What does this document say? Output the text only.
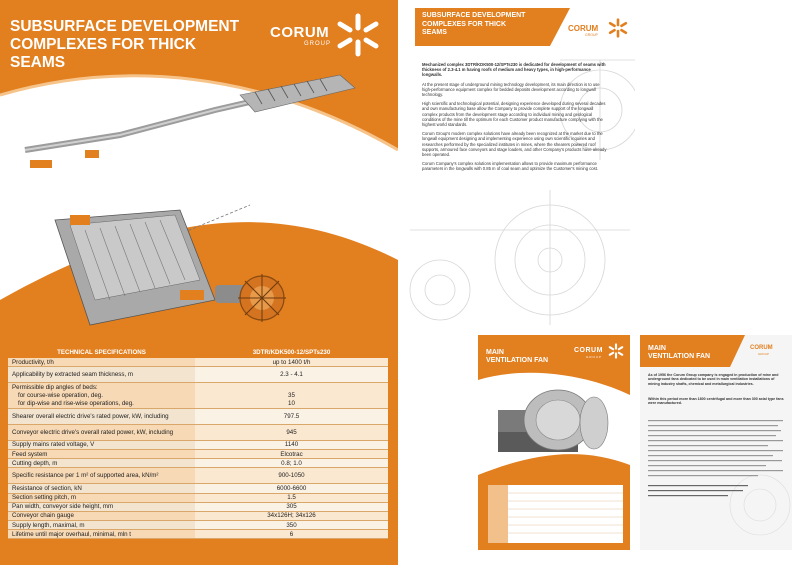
SUBSURFACE DEVELOPMENT
COMPLEXES FOR THICK
SEAMS
CORUM
GROUP
TECHNICAL SPECIFICATIONS	3DTR/KDK500-12/SPTs230
Productivity, t/h	up to 1400 t/h
Applicability by extracted seam thickness, m	2.3 - 4.1
Permissible dip angles of beds:	
for course-wise operation, deg.	35
for dip-wise and rise-wise operations, deg.	10
Shearer overall electric drive's rated power, kW, including	797.5
Conveyor electric drive's overall rated power, kW, including	945
Supply mains rated voltage, V	1140
Feed system	Elcotrac
Cutting depth, m	0.8; 1.0
Specific resistance per 1 m² of supported area, kN/m²	900-1050
Resistance of section, kN	6000-6600
Section setting pitch, m	1.5
Pan width, conveyor side height, mm	305
Conveyor chain gauge	34x126H; 34x126
Supply length, maximal, m	350
Lifetime until major overhaul, minimal, mln t	6
SUBSURFACE DEVELOPMENT
COMPLEXES FOR THICK
SEAMS	CORUM
GROUP

Mechanized complex 3DTR/KDK500-12/SPTs230 is dedicated for development of seams with thickness of 2.3-4.1 m having roofs of medium and heavy types, in high-performance longwalls.

At the present stage of underground mining technology development, its main direction is to use high-performance equipment complex for bedded deposits development according to longwall technology.

High scientific and technological potential, designing experience developed during several decades and own manufacturing base allow the Company to provide complete support of the longwall complex products from the development stage according to individual mining and geological conditions of the mine till the optimum for each Customer product manufacture complying with the highest world standards.

Corum Group's modern complex solutions have already been recognized at the market due to the longwall equipment designing and implementing experience using own scientific inquiries and researches performed by the specialized institutes in mines, where the shearers powered roof supports, armoured face conveyors and stage loaders, and other Company's products have already been operated.

Corum Company's complex solutions implementation allows to provide maximum performance parameters in the longwalls with 0.85 m of coal seam and optimize the Customer's mining cost.

MAIN
VENTILATION FAN
CORUM
GROUP
MAIN
VENTILATION FAN
CORUM
GROUP
As of 1956 the Corum Group company is engaged in production of mine and underground fans dedicated to be used in main ventilation installations of mining industry shafts, chemical and metallurgical industries.
Within this period more than 1800 centrifugal and more than 300 axial type fans were manufactured.
